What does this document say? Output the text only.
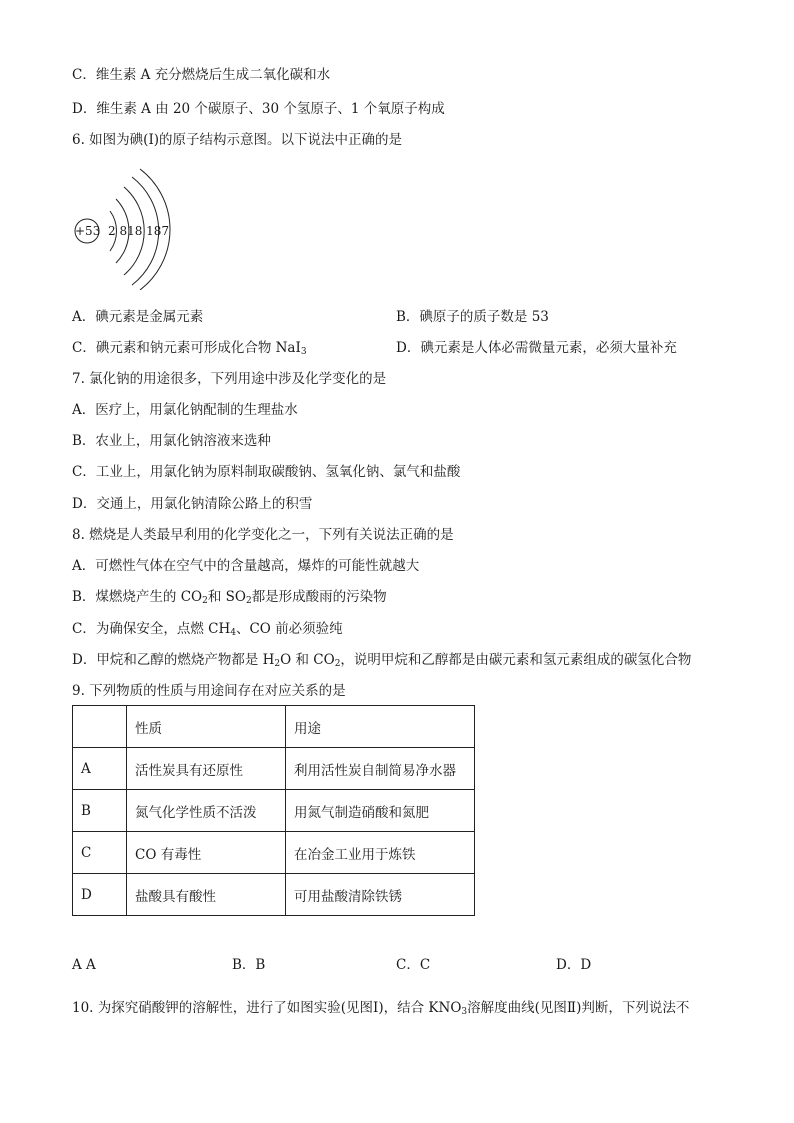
C．维生素 A 充分燃烧后生成二氧化碳和水
D．维生素 A 由 20 个碳原子、30 个氢原子、1 个氧原子构成
6. 如图为碘(I)的原子结构示意图。以下说法中正确的是
+53 2 818 187
A．碘元素是金属元素	B．碘原子的质子数是 53
C．碘元素和钠元素可形成化合物 NaI$_3$	D．碘元素是人体必需微量元素，必须大量补充
7. 氯化钠的用途很多，下列用途中涉及化学变化的是
A．医疗上，用氯化钠配制的生理盐水
B．农业上，用氯化钠溶液来选种
C．工业上，用氯化钠为原料制取碳酸钠、氢氧化钠、氯气和盐酸
D．交通上，用氯化钠清除公路上的积雪
8. 燃烧是人类最早利用的化学变化之一，下列有关说法正确的是
A．可燃性气体在空气中的含量越高，爆炸的可能性就越大
B．煤燃烧产生的 $CO_2$和 $SO_2$都是形成酸雨的污染物
C．为确保安全，点燃 $CH_4$、CO 前必须验纯
D．甲烷和乙醇的燃烧产物都是 $H_2O$ 和 $CO_2$，说明甲烷和乙醇都是由碳元素和氢元素组成的碳氢化合物
9. 下列物质的性质与用途间存在对应关系的是
	性质	用途
A	活性炭具有还原性	利用活性炭自制简易净水器
B	氮气化学性质不活泼	用氮气制造硝酸和氮肥
C	CO 有毒性	在冶金工业用于炼铁
D	盐酸具有酸性	可用盐酸清除铁锈
A A	B．B	C．C	D．D
10. 为探究硝酸钾的溶解性，进行了如图实验(见图Ⅰ)，结合 $KNO_3$溶解度曲线(见图Ⅱ)判断，下列说法不
